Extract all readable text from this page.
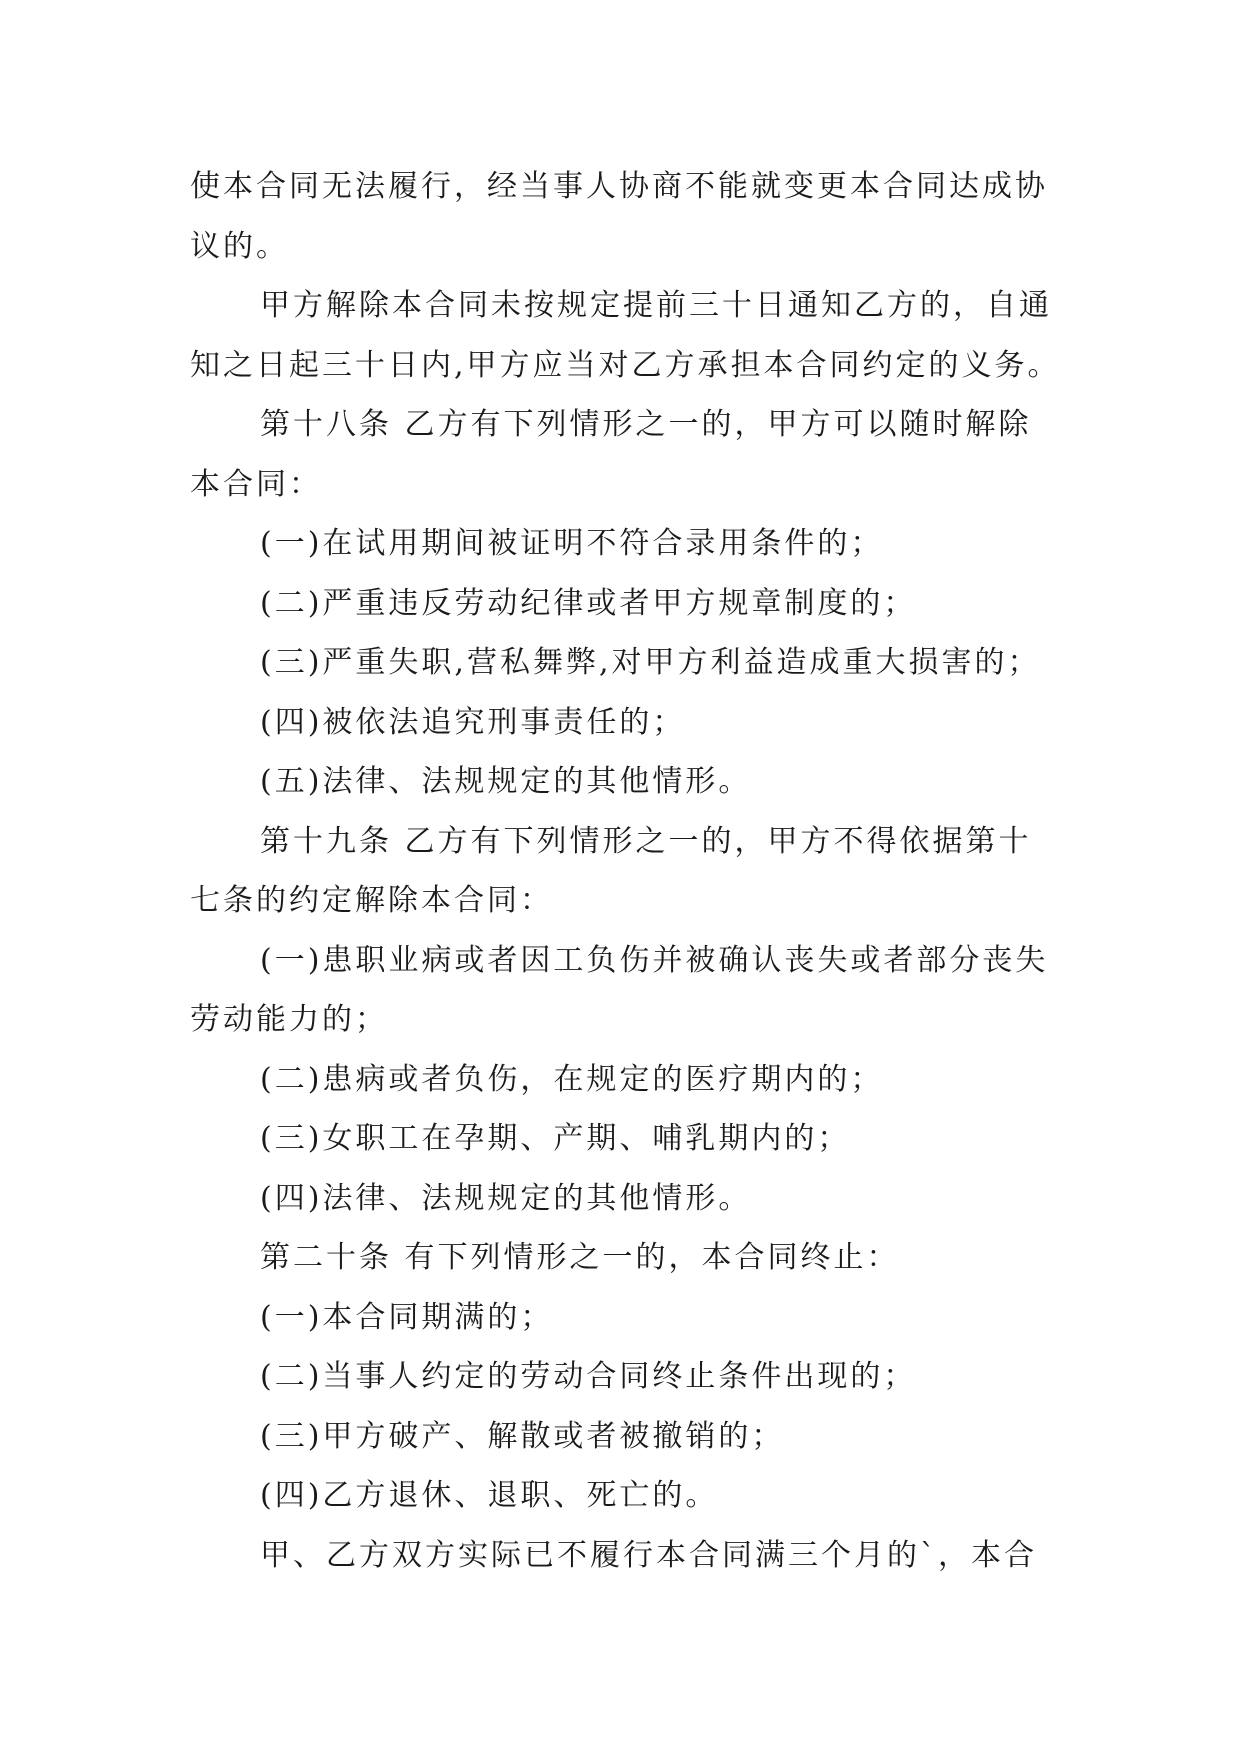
使本合同无法履行，经当事人协商不能就变更本合同达成协
议的。
甲方解除本合同未按规定提前三十日通知乙方的，自通
知之日起三十日内,甲方应当对乙方承担本合同约定的义务。
第十八条 乙方有下列情形之一的，甲方可以随时解除
本合同：
(一)在试用期间被证明不符合录用条件的；
(二)严重违反劳动纪律或者甲方规章制度的；
(三)严重失职,营私舞弊,对甲方利益造成重大损害的；
(四)被依法追究刑事责任的；
(五)法律、法规规定的其他情形。
第十九条 乙方有下列情形之一的，甲方不得依据第十
七条的约定解除本合同：
(一)患职业病或者因工负伤并被确认丧失或者部分丧失
劳动能力的；
(二)患病或者负伤，在规定的医疗期内的；
(三)女职工在孕期、产期、哺乳期内的；
(四)法律、法规规定的其他情形。
第二十条 有下列情形之一的，本合同终止：
(一)本合同期满的；
(二)当事人约定的劳动合同终止条件出现的；
(三)甲方破产、解散或者被撤销的；
(四)乙方退休、退职、死亡的。
甲、乙方双方实际已不履行本合同满三个月的`，本合
